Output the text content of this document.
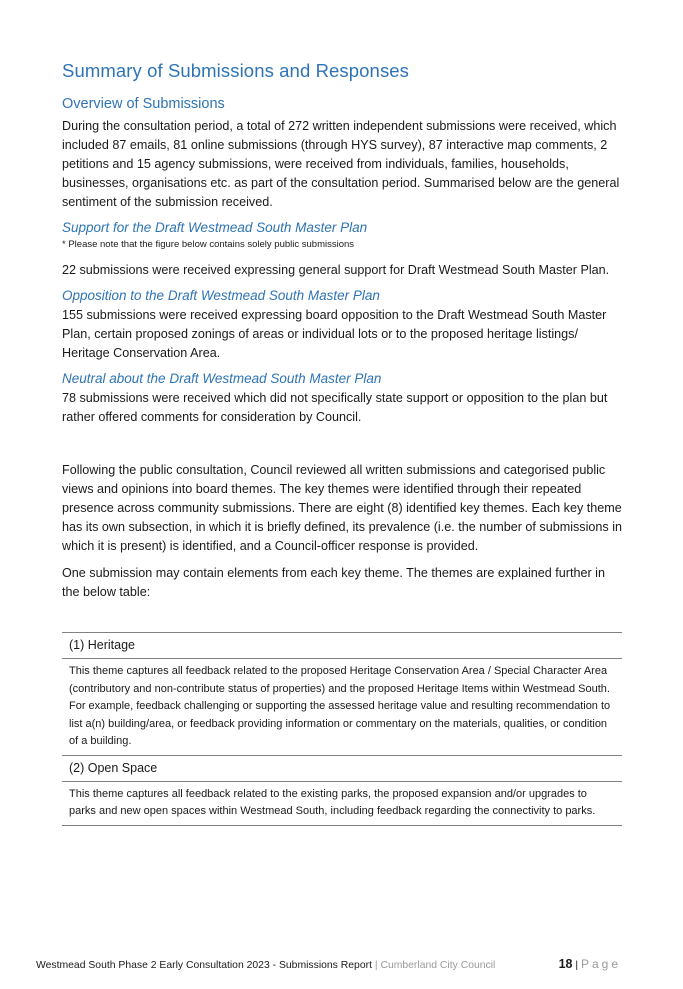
Summary of Submissions and Responses
Overview of Submissions

During the consultation period, a total of 272 written independent submissions were received, which included 87 emails, 81 online submissions (through HYS survey), 87 interactive map comments, 2 petitions and 15 agency submissions, were received from individuals, families, households, businesses, organisations etc. as part of the consultation period. Summarised below are the general sentiment of the submission received.

Support for the Draft Westmead South Master Plan
* Please note that the figure below contains solely public submissions

22 submissions were received expressing general support for Draft Westmead South Master Plan.

Opposition to the Draft Westmead South Master Plan

155 submissions were received expressing board opposition to the Draft Westmead South Master Plan, certain proposed zonings of areas or individual lots or to the proposed heritage listings/ Heritage Conservation Area.

Neutral about the Draft Westmead South Master Plan

78 submissions were received which did not specifically state support or opposition to the plan but rather offered comments for consideration by Council.

Following the public consultation, Council reviewed all written submissions and categorised public views and opinions into board themes. The key themes were identified through their repeated presence across community submissions. There are eight (8) identified key themes. Each key theme has its own subsection, in which it is briefly defined, its prevalence (i.e. the number of submissions in which it is present) is identified, and a Council-officer response is provided.

One submission may contain elements from each key theme. The themes are explained further in the below table:

(1) Heritage
This theme captures all feedback related to the proposed Heritage Conservation Area / Special Character Area (contributory and non-contribute status of properties) and the proposed Heritage Items within Westmead South. For example, feedback challenging or supporting the assessed heritage value and resulting recommendation to list a(n) building/area, or feedback providing information or commentary on the materials, qualities, or condition of a building.
(2) Open Space
This theme captures all feedback related to the existing parks, the proposed expansion and/or upgrades to parks and new open spaces within Westmead South, including feedback regarding the connectivity to parks.
Westmead South Phase 2 Early Consultation 2023 - Submissions Report | Cumberland City Council	18 | Page
